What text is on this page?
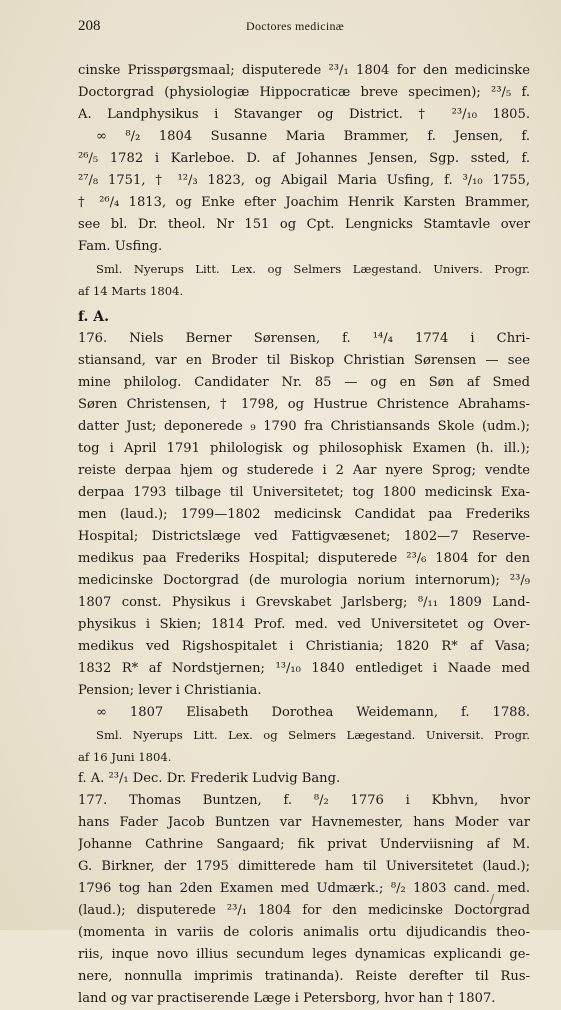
208	Doctores medicinæ
cinske Prisspørgsmaal; disputerede ²³/₁ 1804 for den medicinske
Doctorgrad (physiologiæ Hippocraticæ breve specimen); ²³/₅ f.
A. Landphysikus i Stavanger og District. † ²³/₁₀ 1805.
∞ ⁸/₂ 1804 Susanne Maria Brammer, f. Jensen, f.
²⁶/₅ 1782 i Karleboe. D. af Johannes Jensen, Sgp. ssted, f.
²⁷/₈ 1751, † ¹²/₃ 1823, og Abigail Maria Usfing, f. ³/₁₀ 1755,
† ²⁶/₄ 1813, og Enke efter Joachim Henrik Karsten Brammer,
see bl. Dr. theol. Nr 151 og Cpt. Lengnicks Stamtavle over
Fam. Usfing.
Sml. Nyerups Litt. Lex. og Selmers Lægestand. Univers. Progr.
af 14 Marts 1804.
f. A.
176. Niels Berner Sørensen, f. ¹⁴/₄ 1774 i Chri-
stiansand, var en Broder til Biskop Christian Sørensen — see
mine philolog. Candidater Nr. 85 — og en Søn af Smed
Søren Christensen, † 1798, og Hustrue Christence Abrahams-
datter Just; deponerede ₉ 1790 fra Christiansands Skole (udm.);
tog i April 1791 philologisk og philosophisk Examen (h. ill.);
reiste derpaa hjem og studerede i 2 Aar nyere Sprog; vendte
derpaa 1793 tilbage til Universitetet; tog 1800 medicinsk Exa-
men (laud.); 1799—1802 medicinsk Candidat paa Frederiks
Hospital; Districtslæge ved Fattigvæsenet; 1802—7 Reserve-
medikus paa Frederiks Hospital; disputerede ²³/₆ 1804 for den
medicinske Doctorgrad (de murologia norium internorum); ²³/₉
1807 const. Physikus i Grevskabet Jarlsberg; ⁸/₁₁ 1809 Land-
physikus i Skien; 1814 Prof. med. ved Universitetet og Over-
medikus ved Rigshospitalet i Christiania; 1820 R* af Vasa;
1832 R* af Nordstjernen; ¹³/₁₀ 1840 entlediget i Naade med
Pension; lever i Christiania.
∞ 1807 Elisabeth Dorothea Weidemann, f. 1788.
Sml. Nyerups Litt. Lex. og Selmers Lægestand. Universit. Progr.
af 16 Juni 1804.
f. A. ²³/₁ Dec. Dr. Frederik Ludvig Bang.
177. Thomas Buntzen, f. ⁸/₂ 1776 i Kbhvn, hvor
hans Fader Jacob Buntzen var Havnemester, hans Moder var
Johanne Cathrine Sangaard; fik privat Underviisning af M.
G. Birkner, der 1795 dimitterede ham til Universitetet (laud.);
1796 tog han 2den Examen med Udmærk.; ⁸/₂ 1803 cand. med.
(laud.); disputerede ²³/₁ 1804 for den medicinske Doctorgrad
(momenta in variis de coloris animalis ortu dijudicandis theo-
riis, inque novo illius secundum leges dynamicas explicandi ge-
nere, nonnulla imprimis tratinanda). Reiste derefter til Rus-
land og var practiserende Læge i Petersborg, hvor han † 1807.
/
